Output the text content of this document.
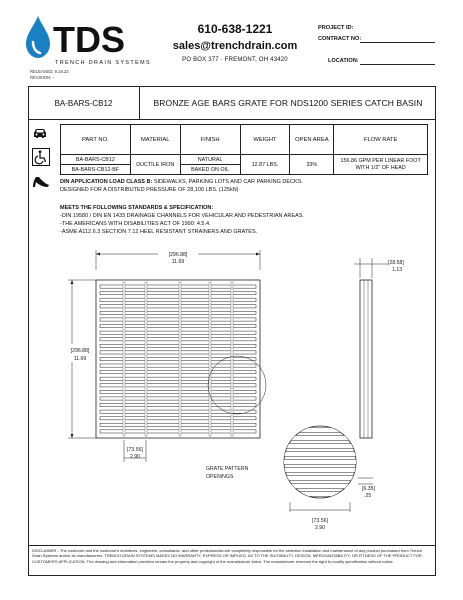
TDS
TRENCH DRAIN SYSTEMS
610-638-1221
sales@trenchdrain.com
PO BOX 377 · FREMONT, OH 43420
PROJECT ID:
CONTRACT NO:
LOCATION:
RELEASED: 8.15.23
REVISION: -
BA-BARS-CB12	BRONZE AGE BARS GRATE FOR NDS1200 SERIES CATCH BASIN
PART NO.	MATERIAL	FINISH	WEIGHT	OPEN AREA	FLOW RATE
BA-BARS-CB12	DUCTILE IRON	NATURAL	12.87 LBS.	33%	156.86 GPM PER LINEAR FOOT WITH 1/2" OF HEAD
BA-BARS-CB12-BF		BAKED ON OIL			
DIN APPLICATION LOAD CLASS B: SIDEWALKS, PARKING LOTS AND CAR PARKING DECKS.
DESIGNED FOR A DISTRIBUTED PRESSURE OF 28,100 LBS. (125kN)
MEETS THE FOLLOWING STANDARDS & SPECIFICATION:
-DIN 19580 / DIN EN 1433 DRAINAGE CHANNELS FOR VEHICULAR AND PEDESTRIAN AREAS.
-THE AMERICANS WITH DISABILITIES ACT OF 1990: 4.5.4.
-ASME A112.6.3 SECTION 7.12 HEEL RESISTANT STRAINERS AND GRATES.
[296.88]
11.69
[296.88]
11.69
[73.56]
2.90
[28.58]
1.13
GRATE PATTERN
OPENINGS
[73.56]
2.90
[6.35]
.25
DISCLAIMER - The customer and the customer's architects, engineers, consultants, and other professionals are completely responsible for the selection installation and maintenance of any product purchased from Trench Drain Systems and/or its manufacturers. TRENCH DRAIN SYSTEMS MAKES NO WARRANTY, EXPRESS OR IMPLIED, AS TO THE SUITABILITY, DESIGN, MERCHANTABILITY, OR FITNESS OF THE PRODUCT FOR CUSTOMERS APPLICATION. The drawing and information provided remain the property and copyright of the manufacturer listed. The manufacturer reserves the right to modify specification without notice.
